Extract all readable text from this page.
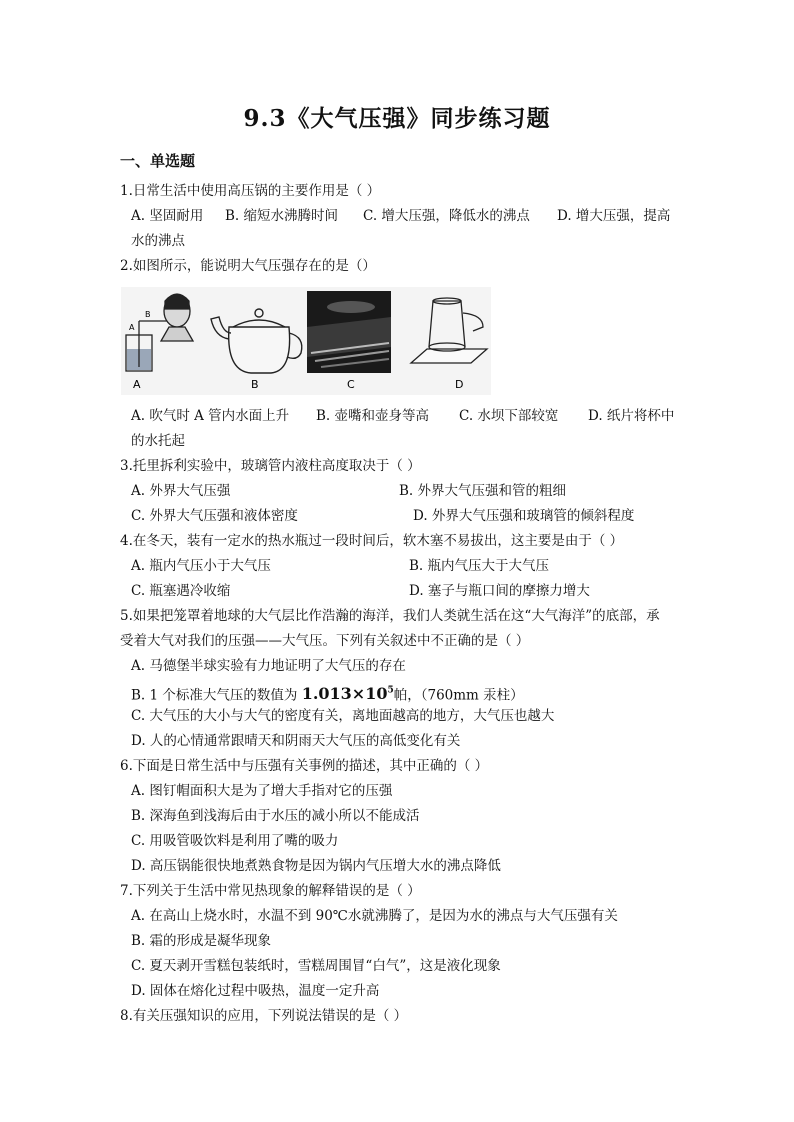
9.3《大气压强》同步练习题
一、单选题
1.日常生活中使用高压锅的主要作用是（ ）
A. 坚固耐用 B. 缩短水沸腾时间 C. 增大压强，降低水的沸点 D. 增大压强，提高
水的沸点
2.如图所示，能说明大气压强存在的是（）
A
B
A
B	C	D
A. 吹气时 A 管内水面上升 B. 壶嘴和壶身等高 C. 水坝下部较宽 D. 纸片将杯中
的水托起
3.托里拆利实验中，玻璃管内液柱高度取决于（ ）
A. 外界大气压强	B. 外界大气压强和管的粗细
C. 外界大气压强和液体密度	D. 外界大气压强和玻璃管的倾斜程度
4.在冬天，装有一定水的热水瓶过一段时间后，软木塞不易拔出，这主要是由于（ ）
A. 瓶内气压小于大气压	B. 瓶内气压大于大气压
C. 瓶塞遇冷收缩	D. 塞子与瓶口间的摩擦力增大
5.如果把笼罩着地球的大气层比作浩瀚的海洋，我们人类就生活在这“大气海洋”的底部，承
受着大气对我们的压强——大气压。下列有关叙述中不正确的是（ ）
A. 马德堡半球实验有力地证明了大气压的存在
B. 1 个标准大气压的数值为 $1.013\times 10^5$帕，（760mm 汞柱）
C. 大气压的大小与大气的密度有关，离地面越高的地方，大气压也越大
D. 人的心情通常跟晴天和阴雨天大气压的高低变化有关
6.下面是日常生活中与压强有关事例的描述，其中正确的（ ）
A. 图钉帽面积大是为了增大手指对它的压强
B. 深海鱼到浅海后由于水压的减小所以不能成活
C. 用吸管吸饮料是利用了嘴的吸力
D. 高压锅能很快地煮熟食物是因为锅内气压增大水的沸点降低
7.下列关于生活中常见热现象的解释错误的是（ ）
A. 在高山上烧水时，水温不到 90℃水就沸腾了，是因为水的沸点与大气压强有关
B. 霜的形成是凝华现象
C. 夏天剥开雪糕包装纸时，雪糕周围冒“白气”，这是液化现象
D. 固体在熔化过程中吸热，温度一定升高
8.有关压强知识的应用，下列说法错误的是（ ）
